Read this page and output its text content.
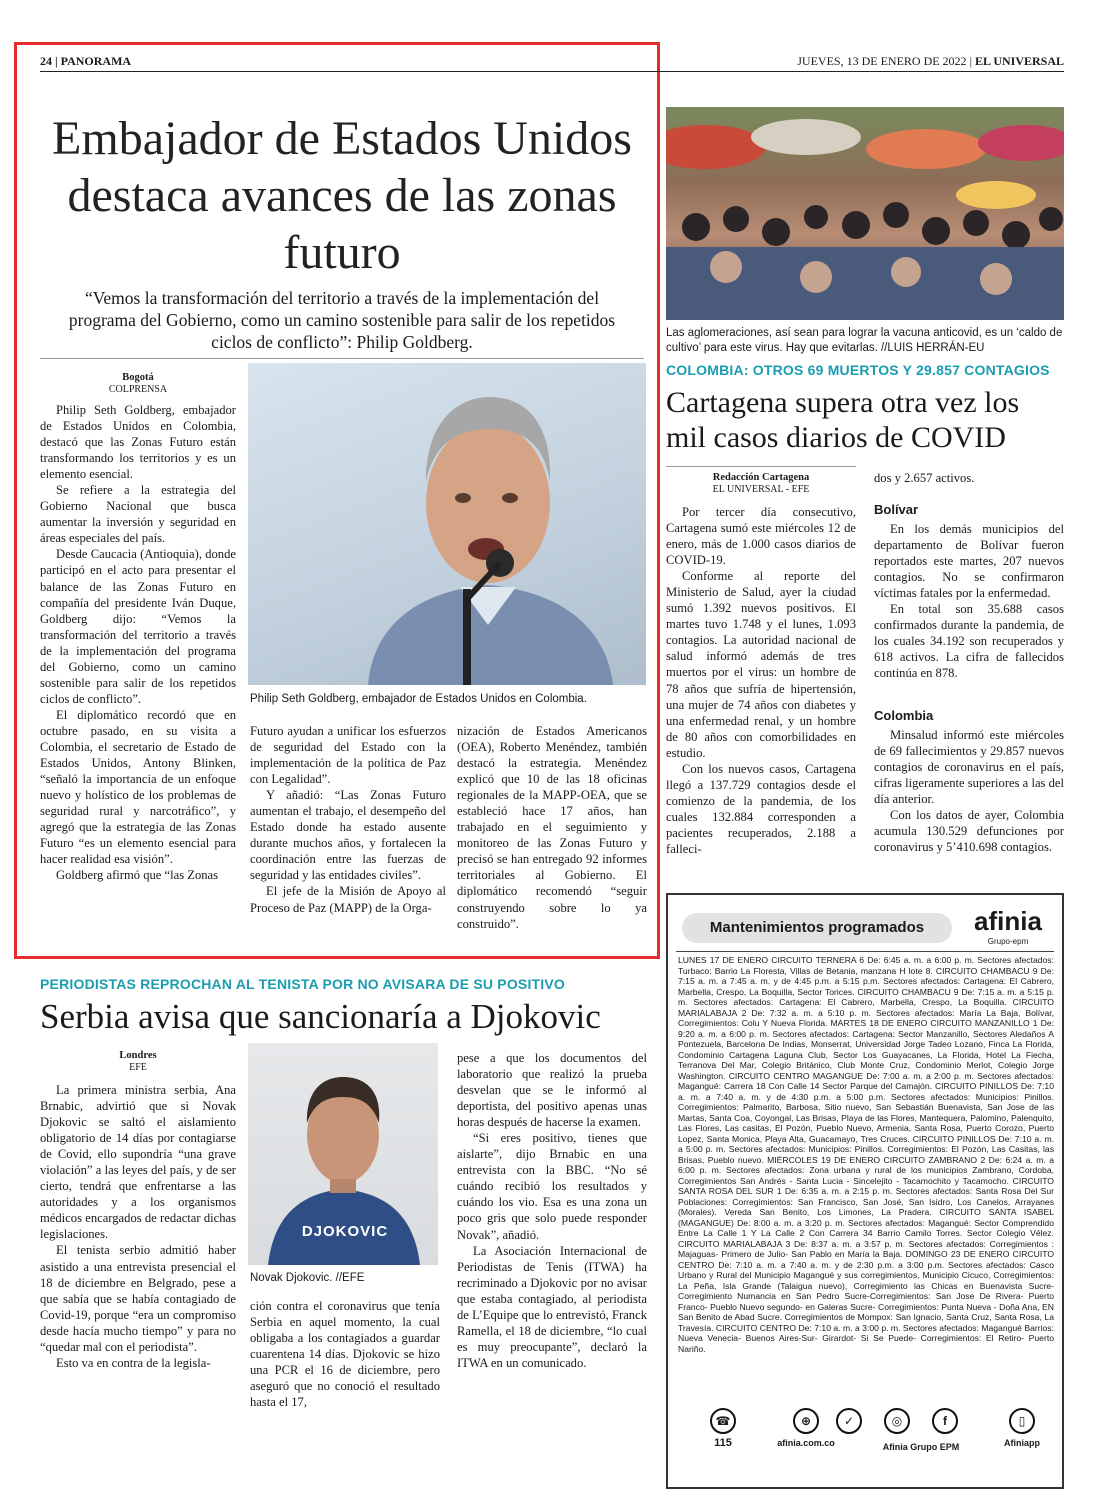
24 | PANORAMA	JUEVES, 13 DE ENERO DE 2022 | EL UNIVERSAL
Embajador de Estados Unidos destaca avances de las zonas futuro
“Vemos la transformación del territorio a través de la implementación del programa del Gobierno, como un camino sostenible para salir de los repetidos ciclos de conflicto”: Philip Goldberg.
Bogotá
COLPRENSA

Philip Seth Goldberg, embajador de Estados Unidos en Colombia, destacó que las Zonas Futuro están transformando los territorios y es un elemento esencial.

Se refiere a la estrategia del Gobierno Nacional que busca aumentar la inversión y seguridad en áreas especiales del país.

Desde Caucacia (Antioquia), donde participó en el acto para presentar el balance de las Zonas Futuro en compañía del presidente Iván Duque, Goldberg dijo: “Vemos la transformación del territorio a través de la implementación del programa del Gobierno, como un camino sostenible para salir de los repetidos ciclos de conflicto”.

El diplomático recordó que en octubre pasado, en su visita a Colombia, el secretario de Estado de Estados Unidos, Antony Blinken, “señaló la importancia de un enfoque nuevo y holístico de los problemas de seguridad rural y narcotráfico”, y agregó que la estrategia de las Zonas Futuro “es un elemento esencial para hacer realidad esa visión”.

Goldberg afirmó que “las Zonas

Philip Seth Goldberg, embajador de Estados Unidos en Colombia.

Futuro ayudan a unificar los esfuerzos de seguridad del Estado con la implementación de la política de Paz con Legalidad”.

Y añadió: “Las Zonas Futuro aumentan el trabajo, el desempeño del Estado donde ha estado ausente durante muchos años, y fortalecen la coordinación entre las fuerzas de seguridad y las entidades civiles”.

El jefe de la Misión de Apoyo al Proceso de Paz (MAPP) de la Orga-

nización de Estados Americanos (OEA), Roberto Menéndez, también destacó la estrategia. Menéndez explicó que 10 de las 18 oficinas regionales de la MAPP-OEA, que se estableció hace 17 años, han trabajado en el seguimiento y monitoreo de las Zonas Futuro y precisó se han entregado 92 informes territoriales al Gobierno. El diplomático recomendó “seguir construyendo sobre lo ya construido”.

Las aglomeraciones, así sean para lograr la vacuna anticovid, es un ‘caldo de cultivo’ para este virus. Hay que evitarlas. //LUIS HERRÁN-EU
COLOMBIA: OTROS 69 MUERTOS Y 29.857 CONTAGIOS
Cartagena supera otra vez los mil casos diarios de COVID
Redacción Cartagena
EL UNIVERSAL - EFE

Por tercer día consecutivo, Cartagena sumó este miércoles 12 de enero, más de 1.000 casos diarios de COVID-19.

Conforme al reporte del Ministerio de Salud, ayer la ciudad sumó 1.392 nuevos positivos. El martes tuvo 1.748 y el lunes, 1.093 contagios. La autoridad nacional de salud informó además de tres muertos por el virus: un hombre de 78 años que sufría de hipertensión, una mujer de 74 años con diabetes y una enfermedad renal, y un hombre de 80 años con comorbilidades en estudio.

Con los nuevos casos, Cartagena llegó a 137.729 contagios desde el comienzo de la pandemia, de los cuales 132.884 corresponden a pacientes recuperados, 2.188 a falleci-

dos y 2.657 activos.
Bolívar

En los demás municipios del departamento de Bolívar fueron reportados este martes, 207 nuevos contagios. No se confirmaron víctimas fatales por la enfermedad.

En total son 35.688 casos confirmados durante la pandemia, de los cuales 34.192 son recuperados y 618 activos. La cifra de fallecidos continúa en 878.

Colombia

Minsalud informó este miércoles de 69 fallecimientos y 29.857 nuevos contagios de coronavirus en el país, cifras ligeramente superiores a las del día anterior.

Con los datos de ayer, Colombia acumula 130.529 defunciones por coronavirus y 5’410.698 contagios.

PERIODISTAS REPROCHAN AL TENISTA POR NO AVISARA DE SU POSITIVO
Serbia avisa que sancionaría a Djokovic
Londres
EFE

La primera ministra serbia, Ana Brnabic, advirtió que si Novak Djokovic se saltó el aislamiento obligatorio de 14 días por contagiarse de Covid, ello supondría “una grave violación” a las leyes del país, y de ser cierto, tendrá que enfrentarse a las autoridades y a los organismos médicos encargados de redactar dichas legislaciones.

El tenista serbio admitió haber asistido a una entrevista presencial el 18 de diciembre en Belgrado, pese a que sabía que se había contagiado de Covid-19, porque “era un compromiso desde hacía mucho tiempo” y para no “quedar mal con el periodista”.

Esto va en contra de la legisla-

DJOKOVIC
Novak Djokovic. //EFE

ción contra el coronavirus que tenía Serbia en aquel momento, la cual obligaba a los contagiados a guardar cuarentena 14 días. Djokovic se hizo una PCR el 16 de diciembre, pero aseguró que no conoció el resultado hasta el 17,

pese a que los documentos del laboratorio que realizó la prueba desvelan que se le informó al deportista, del positivo apenas unas horas después de hacerse la examen.

“Si eres positivo, tienes que aislarte”, dijo Brnabic en una entrevista con la BBC. “No sé cuándo recibió los resultados y cuándo los vio. Esa es una zona un poco gris que solo puede responder Novak”, añadió.

La Asociación Internacional de Periodistas de Tenis (ITWA) ha recriminado a Djokovic por no avisar que estaba contagiado, al periodista de L’Equipe que lo entrevistó, Franck Ramella, el 18 de diciembre, “lo cual es muy preocupante”, declaró la ITWA en un comunicado.

Mantenimientos programados	afinia
Grupo-epm
LUNES 17 DE ENERO CIRCUITO TERNERA 6 De: 6:45 a. m. a 6:00 p. m. Sectores afectados: Turbaco: Barrio La Floresta, Villas de Betania, manzana H lote 8. CIRCUITO CHAMBACU 9 De: 7:15 a. m. a 7:45 a. m. y de 4:45 p.m. a 5:15 p.m. Sectores afectados: Cartagena: El Cabrero, Marbella, Crespo, La Boquilla, Sector Torices. CIRCUITO CHAMBACU 9 De: 7:15 a. m. a 5:15 p. m. Sectores afectados: Cartagena: El Cabrero, Marbella, Crespo, La Boquilla. CIRCUITO MARIALABAJA 2 De: 7:32 a. m. a 5:10 p. m. Sectores afectados: María La Baja, Bolívar, Corregimientos: Colu Y Nueva Florida. MARTES 18 DE ENERO CIRCUITO MANZANILLO 1 De: 9:20 a. m. a 6:00 p. m. Sectores afectados: Cartagena: Sector Manzanillo, Sectores Aledaños A Pontezuela, Barcelona De Indias, Monserrat, Universidad Jorge Tadeo Lozano, Finca La Florida, Condominio Cartagena Laguna Club, Sector Los Guayacanes, La Florida, Hotel La Fiecha, Terranova Del Mar, Colegio Británico, Club Monte Cruz, Condominio Merlot, Colegio Jorge Washington. CIRCUITO CENTRO MAGANGUE De: 7:00 a. m. a 2:00 p. m. Sectores afectados: Magangué: Carrera 18 Con Calle 14 Sector Parque del Camajón. CIRCUITO PINILLOS De: 7:10 a. m. a 7:40 a. m. y de 4:30 p.m. a 5:00 p.m. Sectores afectados: Municipios: Pinillos. Corregimientos: Palmarito, Barbosa, Sitio nuevo, San Sebastián Buenavista, San Jose de las Martas, Santa Coa, Coyongal, Las Brisas, Playa de las Flores, Mantequera, Palomino, Palenquito, Las Flores, Las casitas, El Pozón, Pueblo Nuevo, Armenia, Santa Rosa, Puerto Corozo, Puerto Lopez, Santa Monica, Playa Alta, Guacamayo, Tres Cruces. CIRCUITO PINILLOS De: 7:10 a. m. a 5:00 p. m. Sectores afectados: Municipios: Pinillos. Corregimientos: El Pozón, Las Casitas, las Brisas, Pueblo nuevo. MIÉRCOLES 19 DE ENERO CIRCUITO ZAMBRANO 2 De: 6:24 a. m. a 6:00 p. m. Sectores afectados: Zona urbana y rural de los municipios Zambrano, Cordoba, Corregimientos San Andrés - Santa Lucia - Sincelejito - Tacamochito y Tacamocho. CIRCUITO SANTA ROSA DEL SUR 1 De: 6:35 a. m. a 2:15 p. m. Sectores afectados: Santa Rosa Del Sur Poblaciones: Corregimientos: San Francisco, San José, San Isidro, Los Canelos, Arrayanes (Morales). Vereda San Benito, Los Limones, La Pradera. CIRCUITO SANTA ISABEL (MAGANGUE) De: 8:00 a. m. a 3:20 p. m. Sectores afectados: Magangué: Sector Comprendido Entre La Calle 1 Y La Calle 2 Con Carrera 34 Barrio Camilo Torres. Sector Colegio Vélez. CIRCUITO MARIALABAJA 3 De: 8:37 a. m. a 3:57 p. m. Sectores afectados: Corregimientos : Majaguas- Primero de Julio- San Pablo en María la Baja. DOMINGO 23 DE ENERO CIRCUITO CENTRO De: 7:10 a. m. a 7:40 a. m. y de 2:30 p.m. a 3:00 p.m. Sectores afectados: Casco Urbano y Rural del Municipio Magangué y sus corregimientos, Municipio Cicuco, Corregimientos: La Peña, Isla Grande (Talaigua nuevo), Corregimiento las Chicas en Buenavista Sucre- Corregimiento Numancia en San Pedro Sucre-Corregimientos: San Jose De Rivera- Puerto Franco- Pueblo Nuevo segundo- en Galeras Sucre- Corregimientos: Punta Nueva - Doña Ana, EN San Benito de Abad Sucre. Corregimientos de Mompox: San Ignacio, Santa Cruz, Santa Rosa, La Travesía. CIRCUITO CENTRO De: 7:10 a. m. a 3:00 p. m. Sectores afectados: Magangué Barrios: Nueva Venecia- Buenos Aires-Sur- Girardot- Si Se Puede- Corregimientos: El Retiro- Puerto Nariño.
☎
115
⊕
afinia.com.co
✓	◎	f
Afinia Grupo EPM
▯
Afiniapp
